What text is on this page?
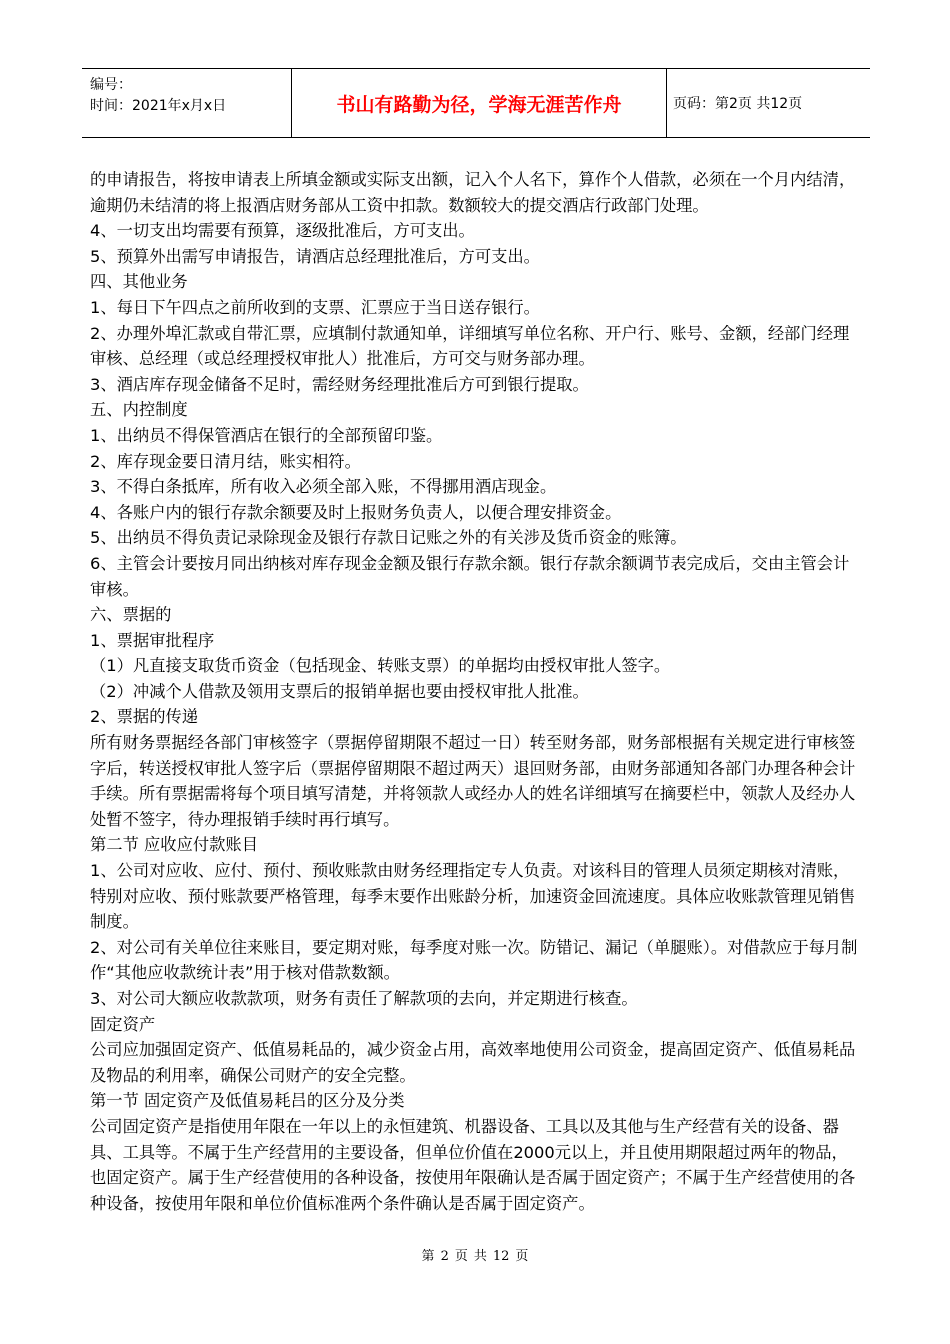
编号：
时间：2021年x月x日	书山有路勤为径，学海无涯苦作舟	页码：第2页 共12页

的申请报告，将按申请表上所填金额或实际支出额，记入个人名下，算作个人借款，必须在一个月内结清，逾期仍未结清的将上报酒店财务部从工资中扣款。数额较大的提交酒店行政部门处理。

4、一切支出均需要有预算，逐级批准后，方可支出。

5、预算外出需写申请报告，请酒店总经理批准后，方可支出。

四、其他业务

1、每日下午四点之前所收到的支票、汇票应于当日送存银行。

2、办理外埠汇款或自带汇票，应填制付款通知单，详细填写单位名称、开户行、账号、金额，经部门经理审核、总经理（或总经理授权审批人）批准后，方可交与财务部办理。

3、酒店库存现金储备不足时，需经财务经理批准后方可到银行提取。

五、内控制度

1、出纳员不得保管酒店在银行的全部预留印鉴。

2、库存现金要日清月结，账实相符。

3、不得白条抵库，所有收入必须全部入账，不得挪用酒店现金。

4、各账户内的银行存款余额要及时上报财务负责人，以便合理安排资金。

5、出纳员不得负责记录除现金及银行存款日记账之外的有关涉及货币资金的账簿。

6、主管会计要按月同出纳核对库存现金金额及银行存款余额。银行存款余额调节表完成后，交由主管会计审核。

六、票据的

1、票据审批程序

（1）凡直接支取货币资金（包括现金、转账支票）的单据均由授权审批人签字。

（2）冲减个人借款及领用支票后的报销单据也要由授权审批人批准。

2、票据的传递

所有财务票据经各部门审核签字（票据停留期限不超过一日）转至财务部，财务部根据有关规定进行审核签字后，转送授权审批人签字后（票据停留期限不超过两天）退回财务部，由财务部通知各部门办理各种会计手续。所有票据需将每个项目填写清楚，并将领款人或经办人的姓名详细填写在摘要栏中，领款人及经办人处暂不签字，待办理报销手续时再行填写。

第二节 应收应付款账目

1、公司对应收、应付、预付、预收账款由财务经理指定专人负责。对该科目的管理人员须定期核对清账，特别对应收、预付账款要严格管理，每季末要作出账龄分析，加速资金回流速度。具体应收账款管理见销售制度。

2、对公司有关单位往来账目，要定期对账，每季度对账一次。防错记、漏记（单腿账）。对借款应于每月制作“其他应收款统计表”用于核对借款数额。

3、对公司大额应收款款项，财务有责任了解款项的去向，并定期进行核查。

固定资产

公司应加强固定资产、低值易耗品的，减少资金占用，高效率地使用公司资金，提高固定资产、低值易耗品及物品的利用率，确保公司财产的安全完整。

第一节 固定资产及低值易耗吕的区分及分类

公司固定资产是指使用年限在一年以上的永恒建筑、机器设备、工具以及其他与生产经营有关的设备、器具、工具等。不属于生产经营用的主要设备，但单位价值在2000元以上，并且使用期限超过两年的物品，也固定资产。属于生产经营使用的各种设备，按使用年限确认是否属于固定资产；不属于生产经营使用的各种设备，按使用年限和单位价值标准两个条件确认是否属于固定资产。

第 2 页 共 12 页
